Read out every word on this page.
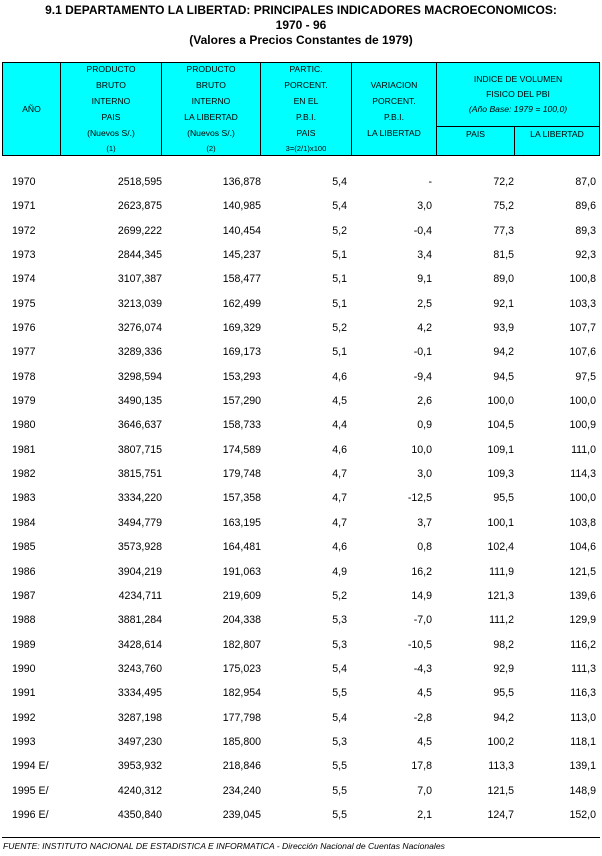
9.1 DEPARTAMENTO LA LIBERTAD: PRINCIPALES INDICADORES MACROECONOMICOS:
1970 - 96
(Valores a Precios Constantes de 1979)
AÑO
PRODUCTO
BRUTO
INTERNO
PAIS
(Nuevos S/.)
(1)
PRODUCTO
BRUTO
INTERNO
LA LIBERTAD
(Nuevos S/.)
(2)
PARTIC.
PORCENT.
EN EL
P.B.I.
PAIS
3=(2/1)x100
VARIACION
PORCENT.
P.B.I.
LA LIBERTAD
INDICE DE VOLUMEN
FISICO DEL PBI
(Año Base: 1979 = 100,0)
PAIS	LA LIBERTAD
1970	2518,595	136,878	5,4	-	72,2	87,0
1971	2623,875	140,985	5,4	3,0	75,2	89,6
1972	2699,222	140,454	5,2	-0,4	77,3	89,3
1973	2844,345	145,237	5,1	3,4	81,5	92,3
1974	3107,387	158,477	5,1	9,1	89,0	100,8
1975	3213,039	162,499	5,1	2,5	92,1	103,3
1976	3276,074	169,329	5,2	4,2	93,9	107,7
1977	3289,336	169,173	5,1	-0,1	94,2	107,6
1978	3298,594	153,293	4,6	-9,4	94,5	97,5
1979	3490,135	157,290	4,5	2,6	100,0	100,0
1980	3646,637	158,733	4,4	0,9	104,5	100,9
1981	3807,715	174,589	4,6	10,0	109,1	111,0
1982	3815,751	179,748	4,7	3,0	109,3	114,3
1983	3334,220	157,358	4,7	-12,5	95,5	100,0
1984	3494,779	163,195	4,7	3,7	100,1	103,8
1985	3573,928	164,481	4,6	0,8	102,4	104,6
1986	3904,219	191,063	4,9	16,2	111,9	121,5
1987	4234,711	219,609	5,2	14,9	121,3	139,6
1988	3881,284	204,338	5,3	-7,0	111,2	129,9
1989	3428,614	182,807	5,3	-10,5	98,2	116,2
1990	3243,760	175,023	5,4	-4,3	92,9	111,3
1991	3334,495	182,954	5,5	4,5	95,5	116,3
1992	3287,198	177,798	5,4	-2,8	94,2	113,0
1993	3497,230	185,800	5,3	4,5	100,2	118,1
1994 E/	3953,932	218,846	5,5	17,8	113,3	139,1
1995 E/	4240,312	234,240	5,5	7,0	121,5	148,9
1996 E/	4350,840	239,045	5,5	2,1	124,7	152,0
FUENTE: INSTITUTO NACIONAL DE ESTADISTICA E INFORMATICA - Dirección Nacional de Cuentas Nacionales
